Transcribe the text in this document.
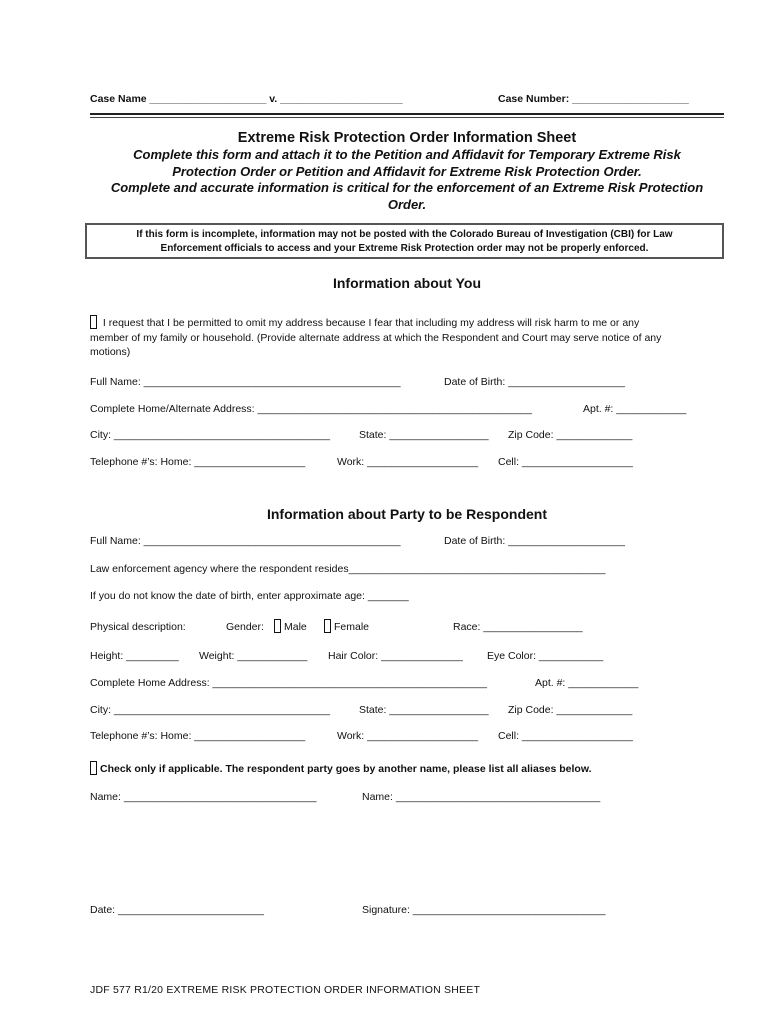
Case Name ____________________ v. _____________________	Case Number: ____________________
Extreme Risk Protection Order Information Sheet
Complete this form and attach it to the Petition and Affidavit for Temporary Extreme Risk
Protection Order or Petition and Affidavit for Extreme Risk Protection Order.
Complete and accurate information is critical for the enforcement of an Extreme Risk Protection
Order.
If this form is incomplete, information may not be posted with the Colorado Bureau of Investigation (CBI) for Law
Enforcement officials to access and your Extreme Risk Protection order may not be properly enforced.
Information about You
I request that I be permitted to omit my address because I fear that including my address will risk harm to me or any
member of my family or household. (Provide alternate address at which the Respondent and Court may serve notice of any
motions)
Full Name: ____________________________________________	Date of Birth: ____________________
Complete Home/Alternate Address: _______________________________________________	Apt. #: ____________
City: _____________________________________	State: _________________ Zip Code: _____________
Telephone #’s: Home: ___________________	Work: ___________________ Cell: ___________________
Information about Party to be Respondent
Full Name: ____________________________________________	Date of Birth: ____________________
Law enforcement agency where the respondent resides____________________________________________
If you do not know the date of birth, enter approximate age: _______
Physical description:	Gender:	Male	Female	Race: _________________
Height: _________ Weight: ____________ Hair Color: ______________ Eye Color: ___________
Complete Home Address: _______________________________________________	Apt. #: ____________
City: _____________________________________	State: _________________ Zip Code: _____________
Telephone #’s: Home: ___________________	Work: ___________________ Cell: ___________________
Check only if applicable. The respondent party goes by another name, please list all aliases below.
Name: _________________________________	Name: ___________________________________
Date: _________________________	Signature: _________________________________
JDF 577 R1/20 EXTREME RISK PROTECTION ORDER INFORMATION SHEET
